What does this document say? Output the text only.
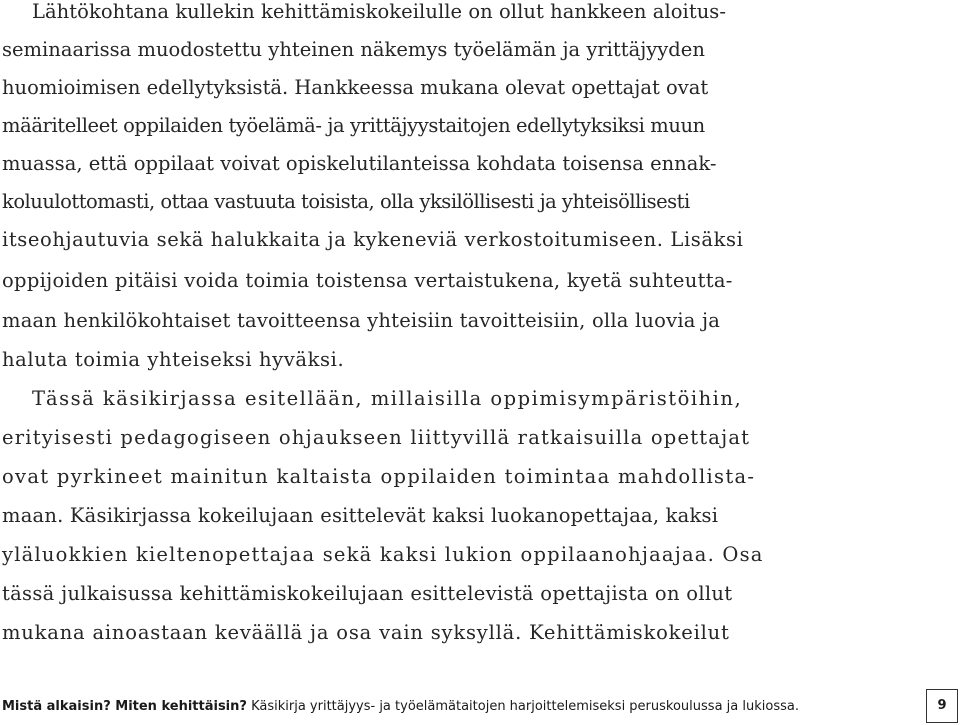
Lähtökohtana kullekin kehittämiskokeilulle on ollut hankkeen aloitus-
seminaarissa muodostettu yhteinen näkemys työelämän ja yrittäjyyden
huomioimisen edellytyksistä. Hankkeessa mukana olevat opettajat ovat
määritelleet oppilaiden työelämä- ja yrittäjyystaitojen edellytyksiksi muun
muassa, että oppilaat voivat opiskelutilanteissa kohdata toisensa ennak-
koluulottomasti, ottaa vastuuta toisista, olla yksilöllisesti ja yhteisöllisesti
itseohjautuvia sekä halukkaita ja kykeneviä verkostoitumiseen. Lisäksi
oppijoiden pitäisi voida toimia toistensa vertaistukena, kyetä suhteutta-
maan henkilökohtaiset tavoitteensa yhteisiin tavoitteisiin, olla luovia ja
haluta toimia yhteiseksi hyväksi.
Tässä käsikirjassa esitellään, millaisilla oppimisympäristöihin,
erityisesti pedagogiseen ohjaukseen liittyvillä ratkaisuilla opettajat
ovat pyrkineet mainitun kaltaista oppilaiden toimintaa mahdollista-
maan. Käsikirjassa kokeilujaan esittelevät kaksi luokanopettajaa, kaksi
yläluokkien kieltenopettajaa sekä kaksi lukion oppilaanohjaajaa. Osa
tässä julkaisussa kehittämiskokeilujaan esittelevistä opettajista on ollut
mukana ainoastaan keväällä ja osa vain syksyllä. Kehittämiskokeilut
Mistä alkaisin? Miten kehittäisin? Käsikirja yrittäjyys- ja työelämätaitojen harjoittelemiseksi peruskoulussa ja lukiossa.	9
